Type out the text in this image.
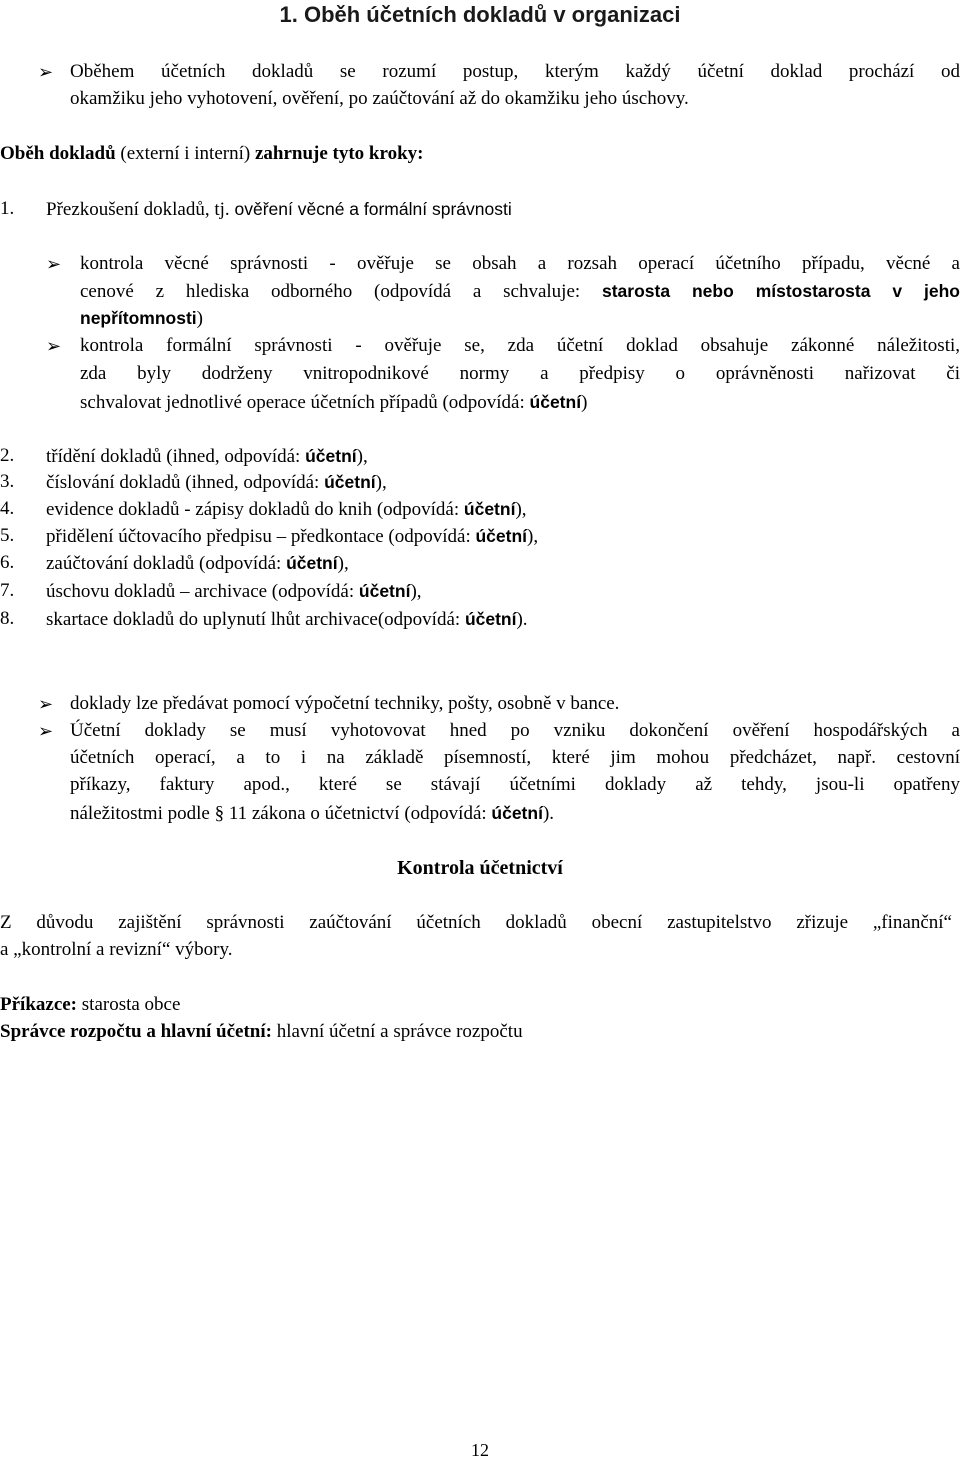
1. Oběh účetních dokladů v organizaci
➢ Oběhem účetních dokladů se rozumí postup, kterým každý účetní doklad prochází od
okamžiku jeho vyhotovení, ověření, po zaúčtování až do okamžiku jeho úschovy.
Oběh dokladů (externí i interní) zahrnuje tyto kroky:
1. Přezkoušení dokladů, tj. ověření věcné a formální správnosti
➢ kontrola věcné správnosti - ověřuje se obsah a rozsah operací účetního případu, věcné a
cenové z hlediska odborného (odpovídá a schvaluje: starosta nebo místostarosta v jeho
nepřítomnosti)
➢ kontrola formální správnosti - ověřuje se, zda účetní doklad obsahuje zákonné náležitosti,
zda byly dodrženy vnitropodnikové normy a předpisy o oprávněnosti nařizovat či
schvalovat jednotlivé operace účetních případů (odpovídá: účetní)
2. třídění dokladů (ihned, odpovídá: účetní),
3. číslování dokladů (ihned, odpovídá: účetní),
4. evidence dokladů - zápisy dokladů do knih (odpovídá: účetní),
5. přidělení účtovacího předpisu – předkontace (odpovídá: účetní),
6. zaúčtování dokladů (odpovídá: účetní),
7. úschovu dokladů – archivace (odpovídá: účetní),
8. skartace dokladů do uplynutí lhůt archivace(odpovídá: účetní).
➢ doklady lze předávat pomocí výpočetní techniky, pošty, osobně v bance.
➢ Účetní doklady se musí vyhotovovat hned po vzniku dokončení ověření hospodářských a
účetních operací, a to i na základě písemností, které jim mohou předcházet, např. cestovní
příkazy, faktury apod., které se stávají účetními doklady až tehdy, jsou-li opatřeny
náležitostmi podle § 11 zákona o účetnictví (odpovídá: účetní).
Kontrola účetnictví
Z důvodu zajištění správnosti zaúčtování účetních dokladů obecní zastupitelstvo zřizuje „finanční“
a „kontrolní a revizní“ výbory.
Příkazce: starosta obce
Správce rozpočtu a hlavní účetní: hlavní účetní a správce rozpočtu
12
